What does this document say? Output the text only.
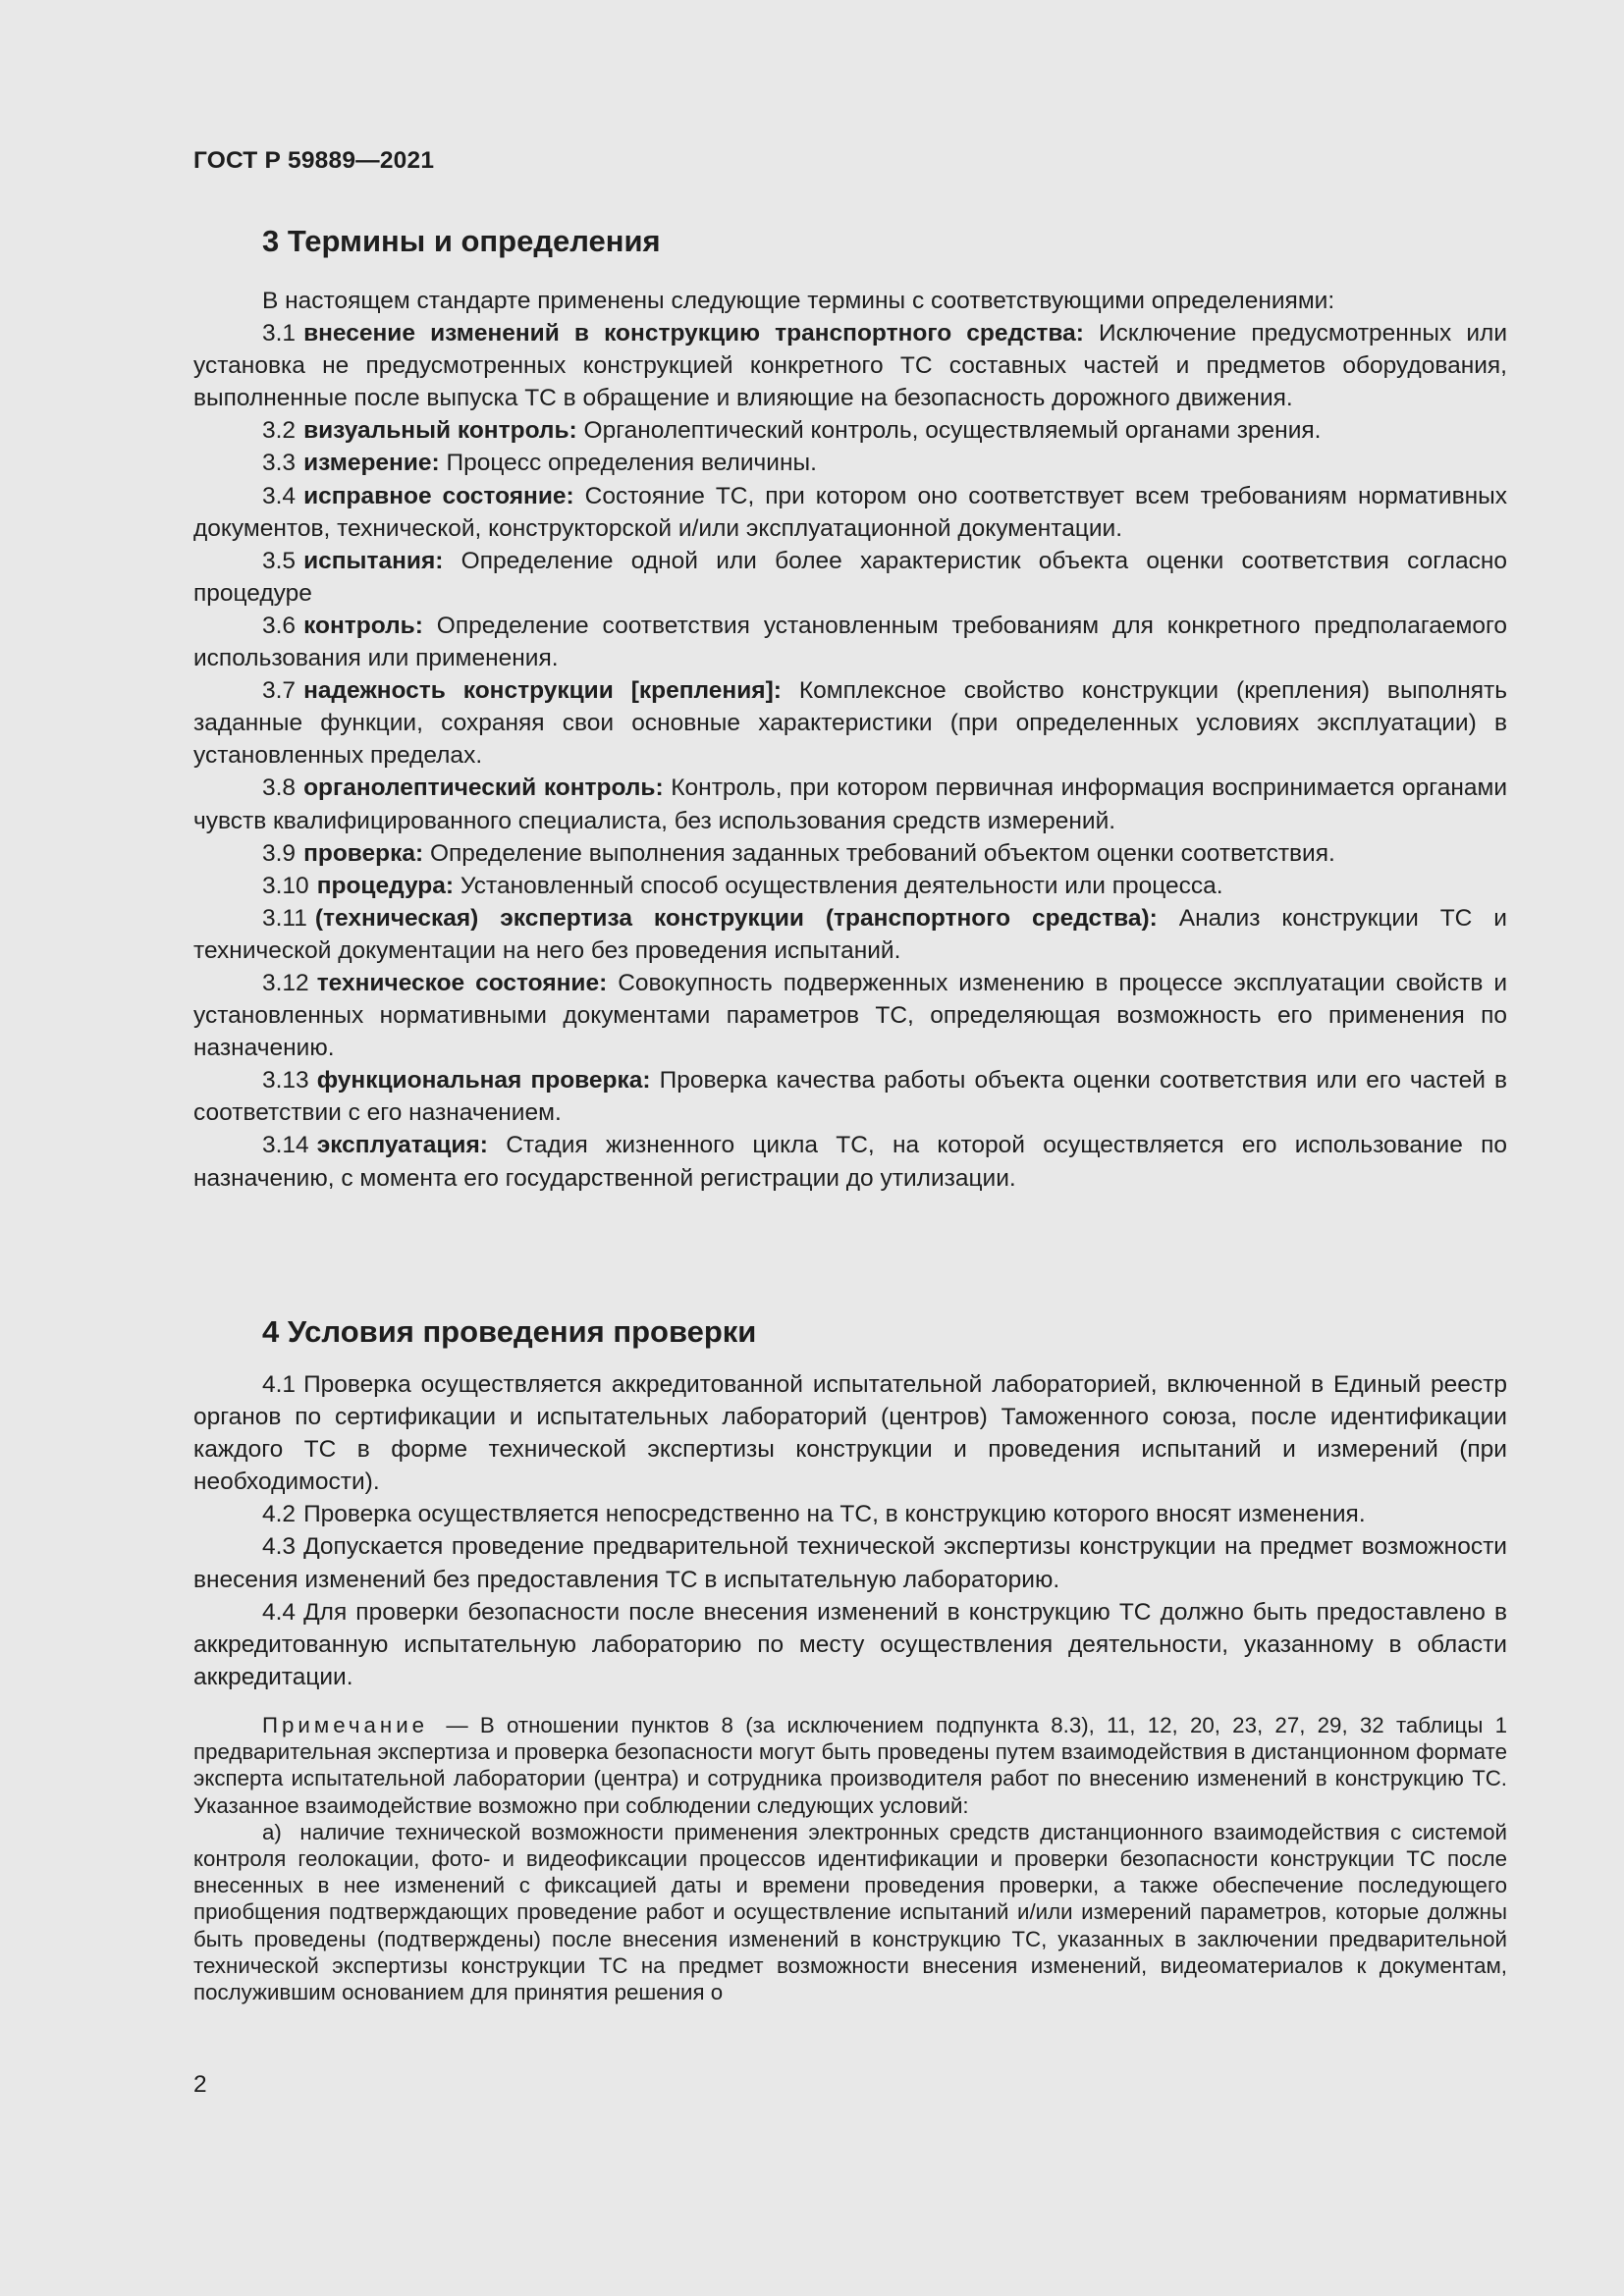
ГОСТ Р 59889—2021
3 Термины и определения

В настоящем стандарте применены следующие термины с соответствующими определениями:

3.1 внесение изменений в конструкцию транспортного средства: Исключение предусмотренных или установка не предусмотренных конструкцией конкретного ТС составных частей и предметов оборудования, выполненные после выпуска ТС в обращение и влияющие на безопасность дорожного движения.

3.2 визуальный контроль: Органолептический контроль, осуществляемый органами зрения.

3.3 измерение: Процесс определения величины.

3.4 исправное состояние: Состояние ТС, при котором оно соответствует всем требованиям нормативных документов, технической, конструкторской и/или эксплуатационной документации.

3.5 испытания: Определение одной или более характеристик объекта оценки соответствия согласно процедуре

3.6 контроль: Определение соответствия установленным требованиям для конкретного предполагаемого использования или применения.

3.7 надежность конструкции [крепления]: Комплексное свойство конструкции (крепления) выполнять заданные функции, сохраняя свои основные характеристики (при определенных условиях эксплуатации) в установленных пределах.

3.8 органолептический контроль: Контроль, при котором первичная информация воспринимается органами чувств квалифицированного специалиста, без использования средств измерений.

3.9 проверка: Определение выполнения заданных требований объектом оценки соответствия.

3.10 процедура: Установленный способ осуществления деятельности или процесса.

3.11 (техническая) экспертиза конструкции (транспортного средства): Анализ конструкции ТС и технической документации на него без проведения испытаний.

3.12 техническое состояние: Совокупность подверженных изменению в процессе эксплуатации свойств и установленных нормативными документами параметров ТС, определяющая возможность его применения по назначению.

3.13 функциональная проверка: Проверка качества работы объекта оценки соответствия или его частей в соответствии с его назначением.

3.14 эксплуатация: Стадия жизненного цикла ТС, на которой осуществляется его использование по назначению, с момента его государственной регистрации до утилизации.

4 Условия проведения проверки

4.1 Проверка осуществляется аккредитованной испытательной лабораторией, включенной в Единый реестр органов по сертификации и испытательных лабораторий (центров) Таможенного союза, после идентификации каждого ТС в форме технической экспертизы конструкции и проведения испытаний и измерений (при необходимости).

4.2 Проверка осуществляется непосредственно на ТС, в конструкцию которого вносят изменения.

4.3 Допускается проведение предварительной технической экспертизы конструкции на предмет возможности внесения изменений без предоставления ТС в испытательную лабораторию.

4.4 Для проверки безопасности после внесения изменений в конструкцию ТС должно быть предоставлено в аккредитованную испытательную лабораторию по месту осуществления деятельности, указанному в области аккредитации.

Примечание — В отношении пунктов 8 (за исключением подпункта 8.3), 11, 12, 20, 23, 27, 29, 32 таблицы 1 предварительная экспертиза и проверка безопасности могут быть проведены путем взаимодействия в дистанционном формате эксперта испытательной лаборатории (центра) и сотрудника производителя работ по внесению изменений в конструкцию ТС. Указанное взаимодействие возможно при соблюдении следующих условий:

а) наличие технической возможности применения электронных средств дистанционного взаимодействия с системой контроля геолокации, фото- и видеофиксации процессов идентификации и проверки безопасности конструкции ТС после внесенных в нее изменений с фиксацией даты и времени проведения проверки, а также обеспечение последующего приобщения подтверждающих проведение работ и осуществление испытаний и/или измерений параметров, которые должны быть проведены (подтверждены) после внесения изменений в конструкцию ТС, указанных в заключении предварительной технической экспертизы конструкции ТС на предмет возможности внесения изменений, видеоматериалов к документам, послужившим основанием для принятия решения о

2
